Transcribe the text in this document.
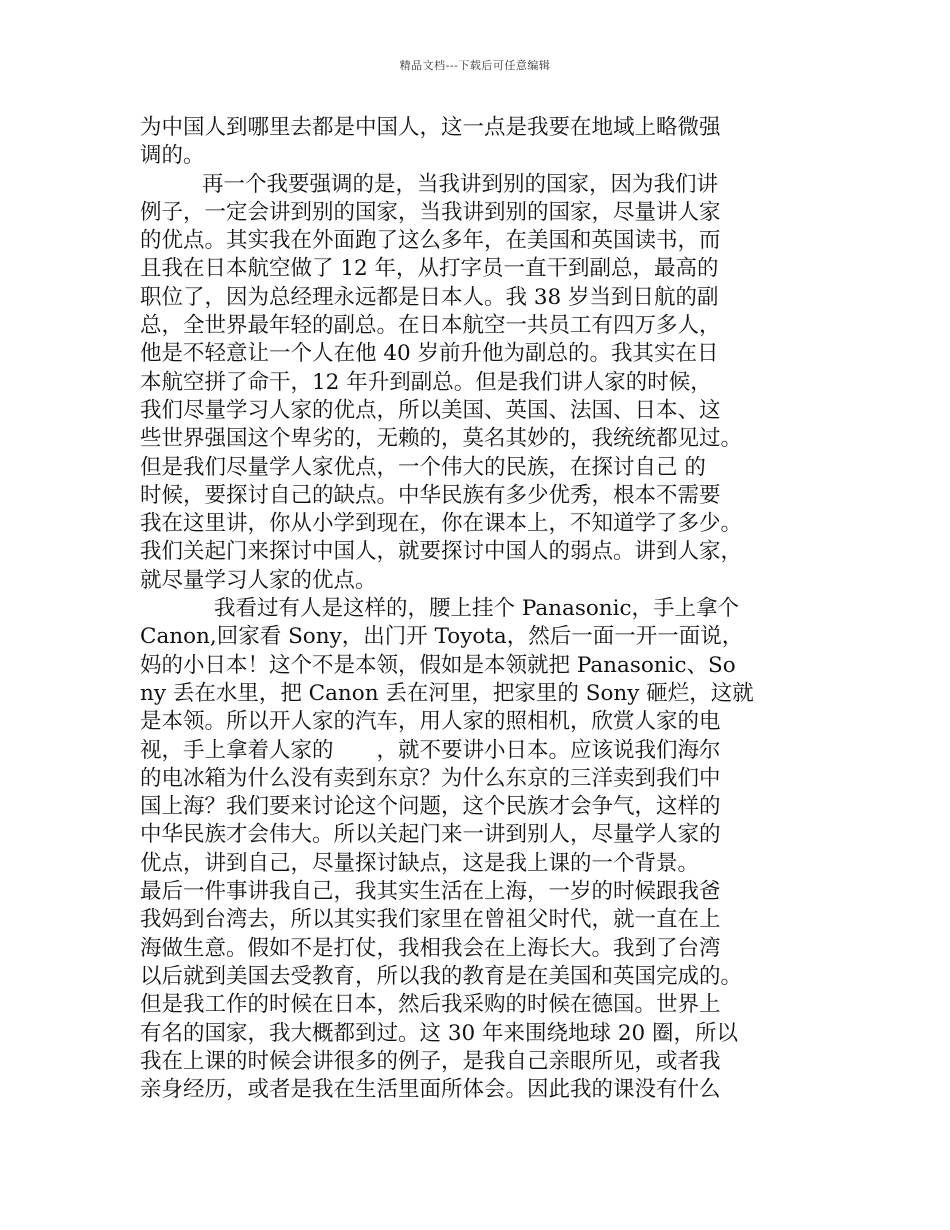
精品文档---下载后可任意编辑
为中国人到哪里去都是中国人，这一点是我要在地域上略微强
调的。
再一个我要强调的是，当我讲到别的国家，因为我们讲
例子，一定会讲到别的国家，当我讲到别的国家，尽量讲人家
的优点。其实我在外面跑了这么多年，在美国和英国读书，而
且我在日本航空做了 12 年，从打字员一直干到副总，最高的
职位了，因为总经理永远都是日本人。我 38 岁当到日航的副
总，全世界最年轻的副总。在日本航空一共员工有四万多人，
他是不轻意让一个人在他 40 岁前升他为副总的。我其实在日
本航空拼了命干，12 年升到副总。但是我们讲人家的时候，
我们尽量学习人家的优点，所以美国、英国、法国、日本、这
些世界强国这个卑劣的，无赖的，莫名其妙的，我统统都见过。
但是我们尽量学人家优点，一个伟大的民族，在探讨自己 的
时候，要探讨自己的缺点。中华民族有多少优秀，根本不需要
我在这里讲，你从小学到现在，你在课本上，不知道学了多少。
我们关起门来探讨中国人，就要探讨中国人的弱点。讲到人家，
就尽量学习人家的优点。
我看过有人是这样的，腰上挂个 Panasonic，手上拿个
Canon,回家看 Sony，出门开 Toyota，然后一面一开一面说，
妈的小日本！这个不是本领，假如是本领就把 Panasonic、So
ny 丢在水里，把 Canon 丢在河里，把家里的 Sony 砸烂，这就
是本领。所以开人家的汽车，用人家的照相机，欣赏人家的电
视，手上拿着人家的　　，就不要讲小日本。应该说我们海尔
的电冰箱为什么没有卖到东京？为什么东京的三洋卖到我们中
国上海？我们要来讨论这个问题，这个民族才会争气，这样的
中华民族才会伟大。所以关起门来一讲到别人，尽量学人家的
优点，讲到自己，尽量探讨缺点，这是我上课的一个背景。
最后一件事讲我自己，我其实生活在上海，一岁的时候跟我爸
我妈到台湾去，所以其实我们家里在曾祖父时代，就一直在上
海做生意。假如不是打仗，我相我会在上海长大。我到了台湾
以后就到美国去受教育，所以我的教育是在美国和英国完成的。
但是我工作的时候在日本，然后我采购的时候在德国。世界上
有名的国家，我大概都到过。这 30 年来围绕地球 20 圈，所以
我在上课的时候会讲很多的例子，是我自己亲眼所见，或者我
亲身经历，或者是我在生活里面所体会。因此我的课没有什么
